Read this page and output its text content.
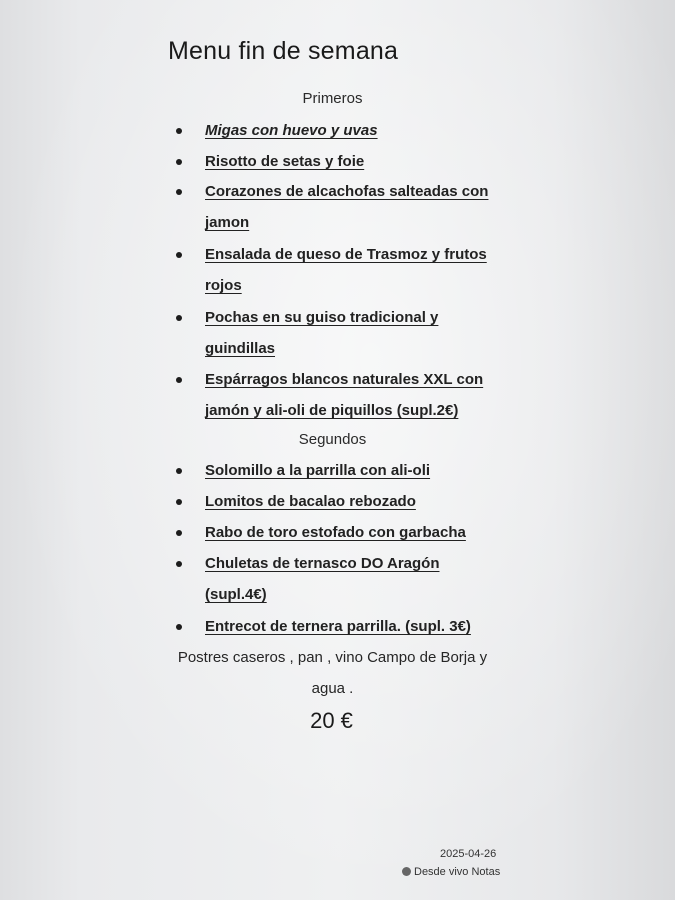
Menu fin de semana
Primeros
Migas con huevo y uvas
Risotto de setas y foie
Corazones de alcachofas salteadas con jamon
Ensalada de queso de Trasmoz y frutos rojos
Pochas en su guiso tradicional y guindillas
Espárragos blancos naturales XXL con jamón y ali-oli de piquillos (supl.2€)
Segundos
Solomillo a la parrilla con ali-oli
Lomitos de bacalao rebozado
Rabo de toro estofado con garbacha
Chuletas de ternasco DO Aragón (supl.4€)
Entrecot de ternera parrilla. (supl. 3€)
Postres caseros , pan , vino Campo de Borja y agua .
20 €
2025-04-26
Desde vivo Notas
